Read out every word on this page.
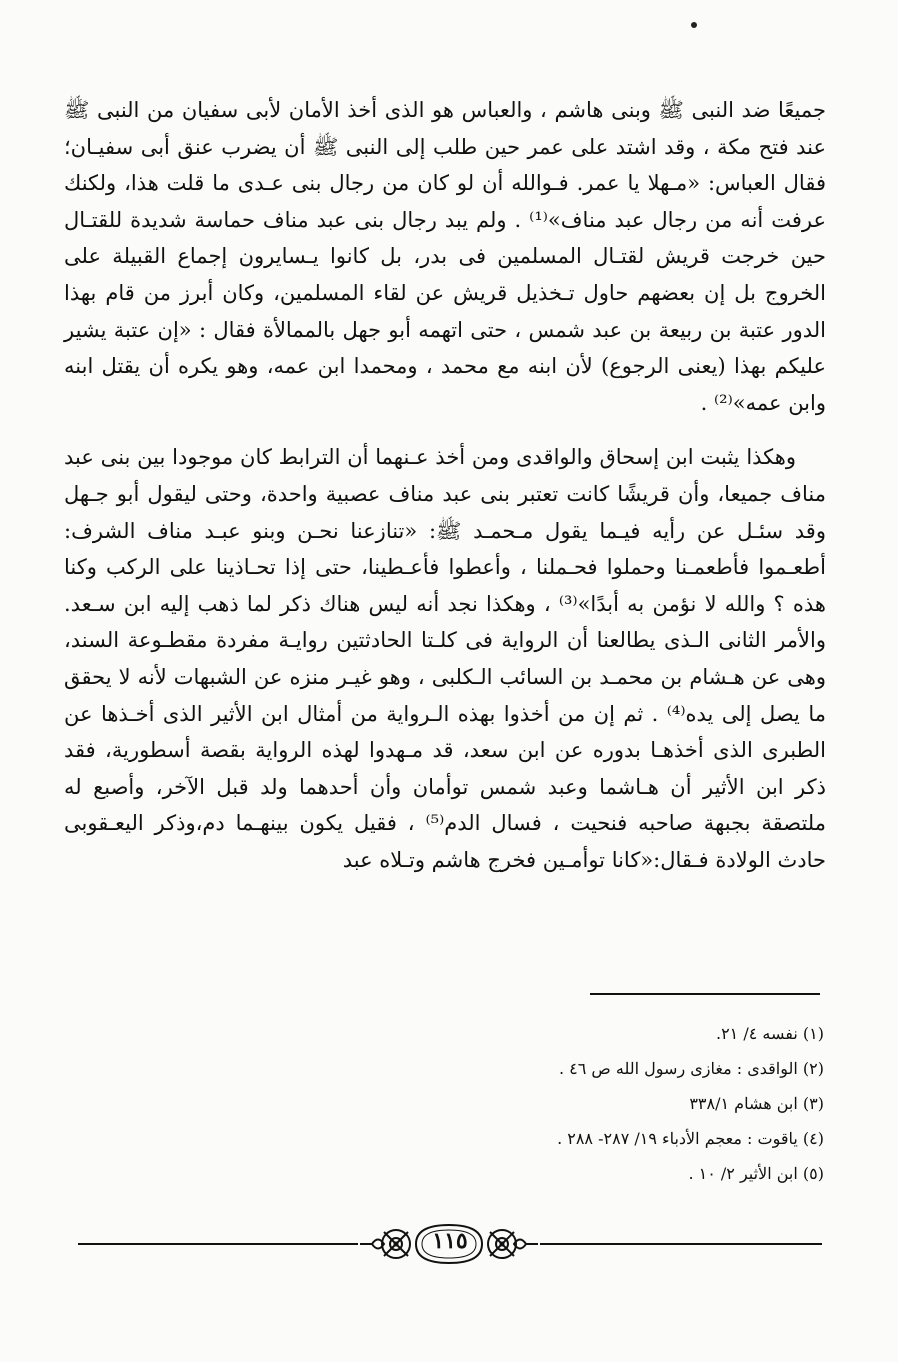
جميعًا ضد النبى ﷺ وبنى هاشم ، والعباس هو الذى أخذ الأمان لأبى سفيان من النبى ﷺ عند فتح مكة ، وقد اشتد على عمر حين طلب إلى النبى ﷺ أن يضرب عنق أبى سفيـان؛ فقال العباس: «مـهلا يا عمر. فـوالله أن لو كان من رجال بنى عـدى ما قلت هذا، ولكنك عرفت أنه من رجال عبد مناف»⁽¹⁾ . ولم يبد رجال بنى عبد مناف حماسة شديدة للقتـال حين خرجت قريش لقتـال المسلمين فى بدر، بل كانوا يـسايرون إجماع القبيلة على الخروج بل إن بعضهم حاول تـخذيل قريش عن لقاء المسلمين، وكان أبرز من قام بهذا الدور عتبة بن ربيعة بن عبد شمس ، حتى اتهمه أبو جهل بالممالأة فقال : «إن عتبة يشير عليكم بهذا (يعنى الرجوع) لأن ابنه مع محمد ، ومحمدا ابن عمه، وهو يكره أن يقتل ابنه وابن عمه»⁽²⁾ .

وهكذا يثبت ابن إسحاق والواقدى ومن أخذ عـنهما أن الترابط كان موجودا بين بنى عبد مناف جميعا، وأن قريشًا كانت تعتبر بنى عبد مناف عصبية واحدة، وحتى ليقول أبو جـهل وقد سئـل عن رأيه فيـما يقول مـحمـد ﷺ: «تنازعنا نحـن وبنو عبـد مناف الشرف: أطعـموا فأطعمـنا وحملوا فحـملنا ، وأعطوا فأعـطينا، حتى إذا تحـاذينا على الركب وكنا هذه ؟ والله لا نؤمن به أبدًا»⁽³⁾ ، وهكذا نجد أنه ليس هناك ذكر لما ذهب إليه ابن سـعد. والأمر الثانى الـذى يطالعنا أن الرواية فى كلـتا الحادثتين روايـة مفردة مقطـوعة السند، وهى عن هـشام بن محمـد بن السائب الـكلبى ، وهو غيـر منزه عن الشبهات لأنه لا يحقق ما يصل إلى يده⁽⁴⁾ . ثم إن من أخذوا بهذه الـرواية من أمثال ابن الأثير الذى أخـذها عن الطبرى الذى أخذهـا بدوره عن ابن سعد، قد مـهدوا لهذه الرواية بقصة أسطورية، فقد ذكر ابن الأثير أن هـاشما وعبد شمس توأمان وأن أحدهما ولد قبل الآخر، وأصبع له ملتصقة بجبهة صاحبه فنحيت ، فسال الدم⁽⁵⁾ ، فقيل يكون بينهـما دم،وذكر اليعـقوبى حادث الولادة فـقال:«كانا توأمـين فخرج هاشم وتـلاه عبد

(١) نفسه ٤/ ٢١.
(٢) الواقدى : مغازى رسول الله ص ٤٦ .
(٣) ابن هشام ٣٣٨/١
(٤) ياقوت : معجم الأدباء ١٩/ ٢٨٧- ٢٨٨ .
(٥) ابن الأثير ٢/ ١٠ .
١١٥
